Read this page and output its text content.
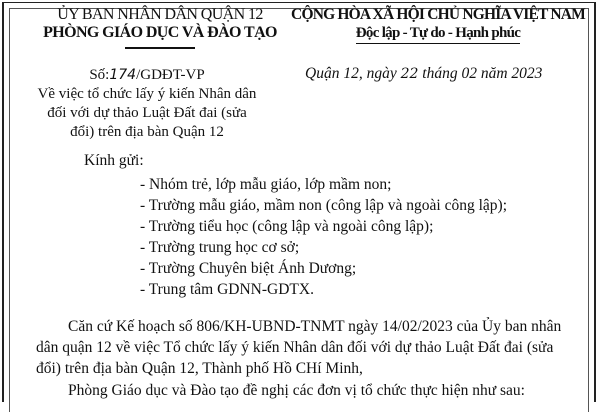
ỦY BAN NHÂN DÂN QUẬN 12
PHÒNG GIÁO DỤC VÀ ĐÀO TẠO
CỘNG HÒA XÃ HỘI CHỦ NGHĨA VIỆT NAM
Độc lập - Tự do - Hạnh phúc
Số:174/GDĐT-VP
Về việc tổ chức lấy ý kiến Nhân dân
đối với dự thảo Luật Đất đai (sửa
đổi) trên địa bàn Quận 12
Quận 12, ngày 22 tháng 02 năm 2023
Kính gửi:
- Nhóm trẻ, lớp mẫu giáo, lớp mầm non;
- Trường mẫu giáo, mầm non (công lập và ngoài công lập);
- Trường tiểu học (công lập và ngoài công lập);
- Trường trung học cơ sở;
- Trường Chuyên biệt Ánh Dương;
- Trung tâm GDNN-GDTX.
Căn cứ Kế hoạch số 806/KH-UBND-TNMT ngày 14/02/2023 của Ủy ban nhân dân quận 12 về việc Tổ chức lấy ý kiến Nhân dân đối với dự thảo Luật Đất đai (sửa đổi) trên địa bàn Quận 12, Thành phố Hồ CHí Minh,
Phòng Giáo dục và Đào tạo đề nghị các đơn vị tổ chức thực hiện như sau:
